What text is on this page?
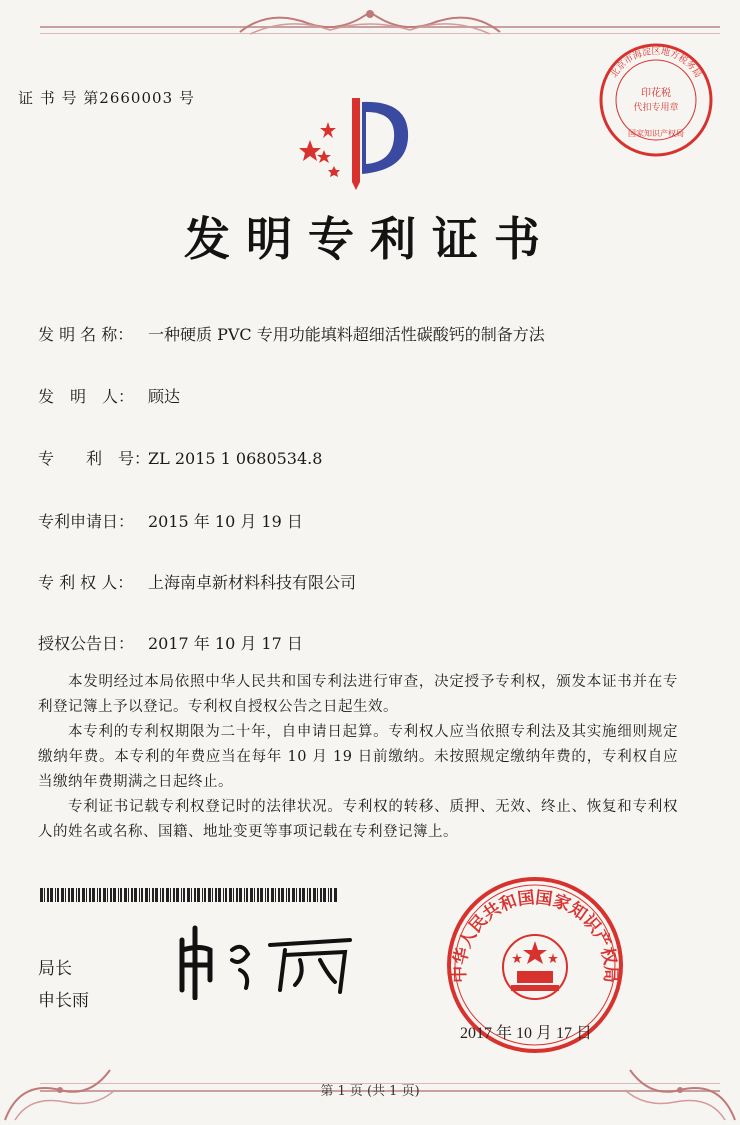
证 书 号 第2660003 号
北京市海淀区地方税务局
印花税
代扣专用章
国家知识产权局
发明专利证书
发 明 名 称： 一种硬质 PVC 专用功能填料超细活性碳酸钙的制备方法
发　明　人： 顾达
专　　利　号：ZL 2015 1 0680534.8
专利申请日： 2015 年 10 月 19 日
专 利 权 人： 上海南卓新材料科技有限公司
授权公告日： 2017 年 10 月 17 日
本发明经过本局依照中华人民共和国专利法进行审查，决定授予专利权，颁发本证书并在专利登记簿上予以登记。专利权自授权公告之日起生效。
本专利的专利权期限为二十年，自申请日起算。专利权人应当依照专利法及其实施细则规定缴纳年费。本专利的年费应当在每年 10 月 19 日前缴纳。未按照规定缴纳年费的，专利权自应当缴纳年费期满之日起终止。
专利证书记载专利权登记时的法律状况。专利权的转移、质押、无效、终止、恢复和专利权人的姓名或名称、国籍、地址变更等事项记载在专利登记簿上。
局长
申长雨
中华人民共和国国家知识产权局
2017 年 10 月 17 日
第 1 页 (共 1 页)
